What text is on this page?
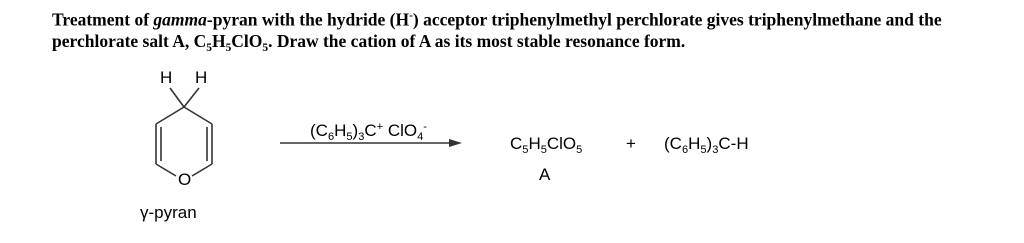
Treatment of gamma-pyran with the hydride (H-) acceptor triphenylmethyl perchlorate gives triphenylmethane and the

perchlorate salt A, $C_5H_5ClO_5$. Draw the cation of A as its most stable resonance form.

H H
O
γ-pyran
$(C_6H_5)_3C^+$ ClO$_4$-
$C_5H_5ClO_5$
A
+ $(C_6H_5)_3C-H$
